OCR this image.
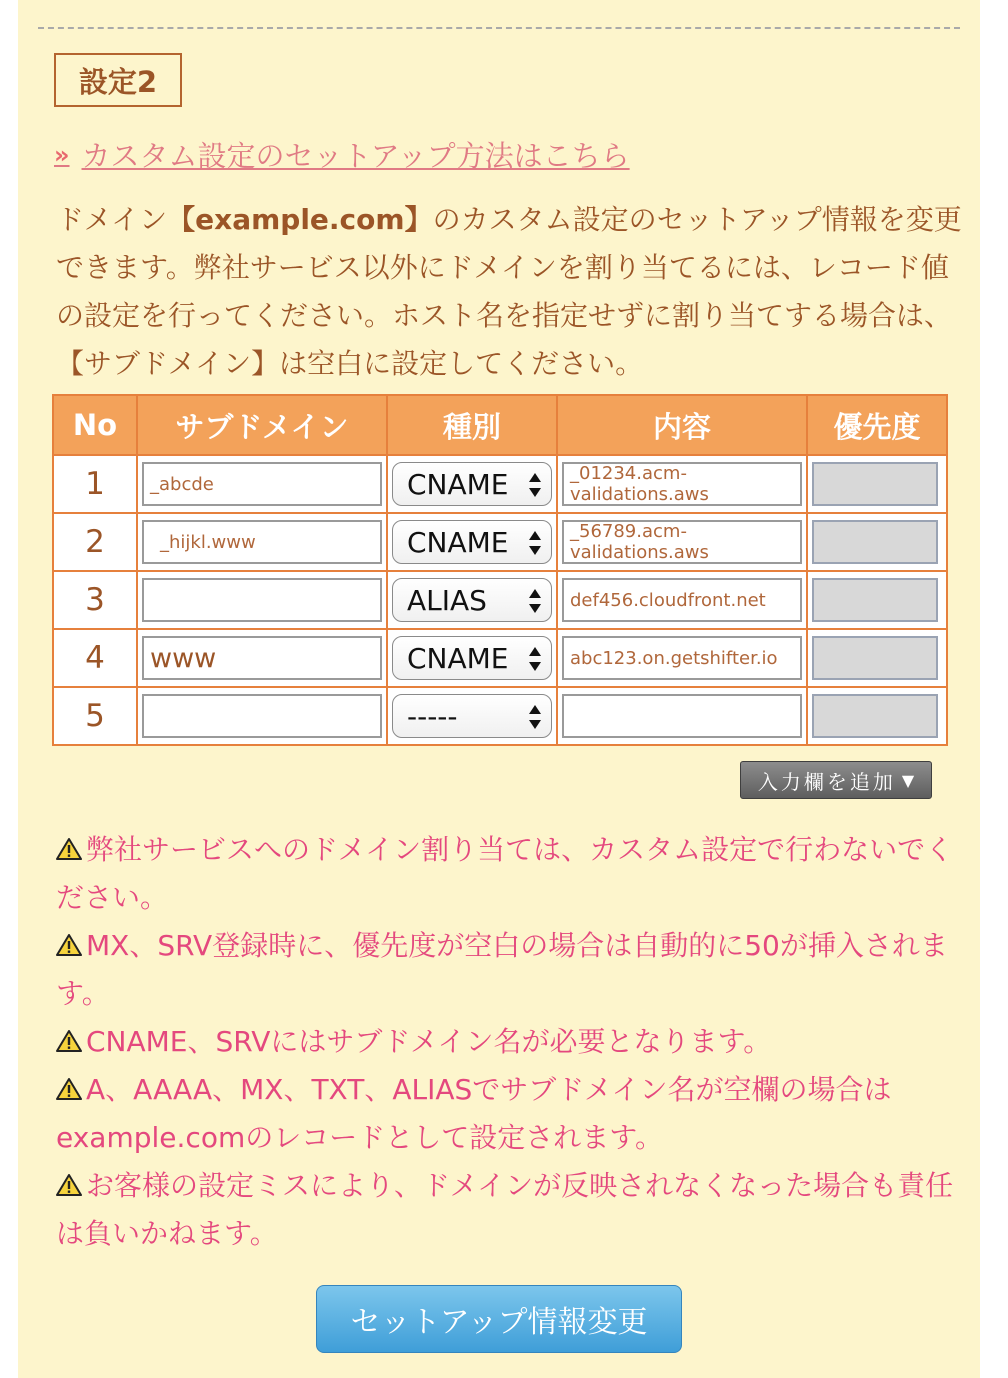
設定2
» カスタム設定のセットアップ方法はこちら
ドメイン【example.com】のカスタム設定のセットアップ情報を変更できます。弊社サービス以外にドメインを割り当てるには、レコード値の設定を行ってください。ホスト名を指定せずに割り当てする場合は、【サブドメイン】は空白に設定してください。
No	サブドメイン	種別	内容	優先度
1	_abcde	CNAME	_01234.acm-validations.aws	

2	_hijkl.www	CNAME	_56789.acm-validations.aws	

3		ALIAS	def456.cloudfront.net	

4	www	CNAME	abc123.on.getshifter.io	

5		-----		

入力欄を追加 ▼

弊社サービスへのドメイン割り当ては、カスタム設定で行わないでください。

MX、SRV登録時に、優先度が空白の場合は自動的に50が挿入されます。

CNAME、SRVにはサブドメイン名が必要となります。

A、AAAA、MX、TXT、ALIASでサブドメイン名が空欄の場合はexample.comのレコードとして設定されます。

お客様の設定ミスにより、ドメインが反映されなくなった場合も責任は負いかねます。

セットアップ情報変更
